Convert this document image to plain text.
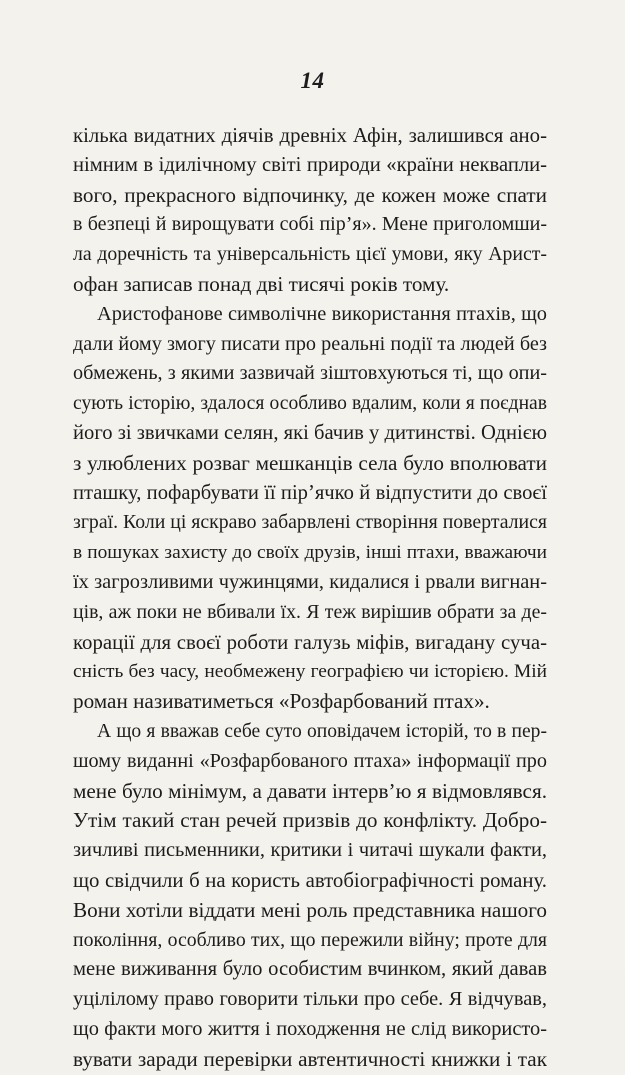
14
кілька видатних діячів древніх Афін, залишився ано-
німним в ідилічному світі природи «країни неквапли-
вого, прекрасного відпочинку, де кожен може спати
в безпеці й вирощувати собі пір’я». Мене приголомши-
ла доречність та універсальність цієї умови, яку Арист-
офан записав понад дві тисячі років тому.
Аристофанове символічне використання птахів, що
дали йому змогу писати про реальні події та людей без
обмежень, з якими зазвичай зіштовхуються ті, що опи-
сують історію, здалося особливо вдалим, коли я поєднав
його зі звичками селян, які бачив у дитинстві. Однією
з улюблених розваг мешканців села було вполювати
пташку, пофарбувати її пір’ячко й відпустити до своєї
зграї. Коли ці яскраво забарвлені створіння поверталися
в пошуках захисту до своїх друзів, інші птахи, вважаючи
їх загрозливими чужинцями, кидалися і рвали вигнан-
ців, аж поки не вбивали їх. Я теж вирішив обрати за де-
корації для своєї роботи галузь міфів, вигадану суча-
сність без часу, необмежену географією чи історією. Мій
роман називатиметься «Розфарбований птах».
А що я вважав себе суто оповідачем історій, то в пер-
шому виданні «Розфарбованого птаха» інформації про
мене було мінімум, а давати інтерв’ю я відмовлявся.
Утім такий стан речей призвів до конфлікту. Добро-
зичливі письменники, критики і читачі шукали факти,
що свідчили б на користь автобіографічності роману.
Вони хотіли віддати мені роль представника нашого
покоління, особливо тих, що пережили війну; проте для
мене виживання було особистим вчинком, який давав
уцілілому право говорити тільки про себе. Я відчував,
що факти мого життя і походження не слід використо-
вувати заради перевірки автентичності книжки і так
